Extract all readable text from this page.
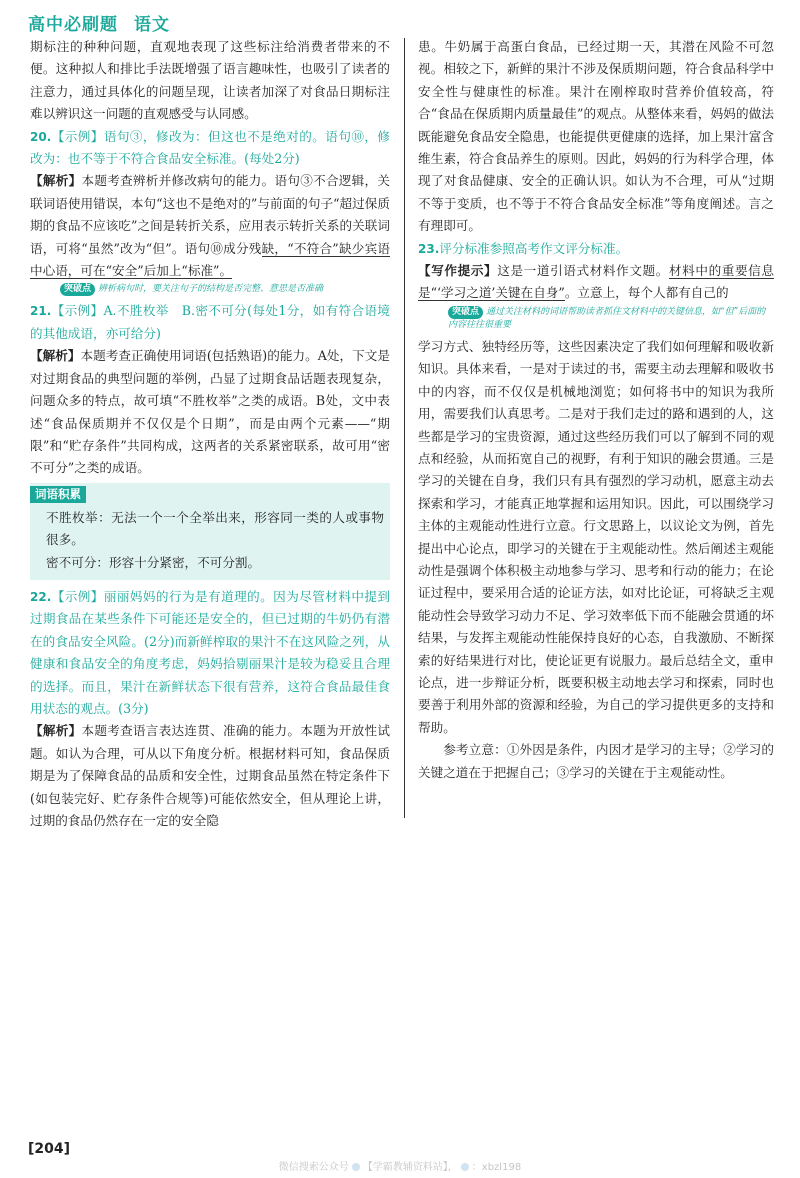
高中必刷题 语文

期标注的种种问题，直观地表现了这些标注给消费者带来的不便。这种拟人和排比手法既增强了语言趣味性，也吸引了读者的注意力，通过具体化的问题呈现，让读者加深了对食品日期标注难以辨识这一问题的直观感受与认同感。

20.【示例】语句③，修改为：但这也不是绝对的。语句⑩，修改为：也不等于不符合食品安全标准。(每处2分)

【解析】本题考查辨析并修改病句的能力。语句③不合逻辑，关联词语使用错误，本句“这也不是绝对的”与前面的句子“超过保质期的食品不应该吃”之间是转折关系，应用表示转折关系的关联词语，可将“虽然”改为“但”。语句⑩成分残缺，“不符合”缺少宾语中心语，可在“安全”后加上“标准”。

突破点 辨析病句时，要关注句子的结构是否完整、意思是否准确

21.【示例】A.不胜枚举　B.密不可分(每处1分，如有符合语境的其他成语，亦可给分)

【解析】本题考查正确使用词语(包括熟语)的能力。A处，下文是对过期食品的典型问题的举例，凸显了过期食品话题表现复杂，问题众多的特点，故可填“不胜枚举”之类的成语。B处，文中表述“食品保质期并不仅仅是个日期”，而是由两个元素——“期限”和“贮存条件”共同构成，这两者的关系紧密联系，故可用“密不可分”之类的成语。

词语积累

不胜枚举：无法一个一个全举出来，形容同一类的人或事物很多。

密不可分：形容十分紧密，不可分割。

22.【示例】丽丽妈妈的行为是有道理的。因为尽管材料中提到过期食品在某些条件下可能还是安全的，但已过期的牛奶仍有潜在的食品安全风险。(2分)而新鲜榨取的果汁不在这风险之列，从健康和食品安全的角度考虑，妈妈拾剔丽果汁是较为稳妥且合理的选择。而且，果汁在新鲜状态下很有营养，这符合食品最佳食用状态的观点。(3分)

【解析】本题考查语言表达连贯、准确的能力。本题为开放性试题。如认为合理，可从以下角度分析。根据材料可知，食品保质期是为了保障食品的品质和安全性，过期食品虽然在特定条件下(如包装完好、贮存条件合规等)可能依然安全，但从理论上讲，过期的食品仍然存在一定的安全隐

患。牛奶属于高蛋白食品，已经过期一天，其潜在风险不可忽视。相较之下，新鲜的果汁不涉及保质期问题，符合食品科学中安全性与健康性的标准。果汁在刚榨取时营养价值较高，符合“食品在保质期内质量最佳”的观点。从整体来看，妈妈的做法既能避免食品安全隐患，也能提供更健康的选择，加上果汁富含维生素，符合食品养生的原则。因此，妈妈的行为科学合理，体现了对食品健康、安全的正确认识。如认为不合理，可从“过期不等于变质，也不等于不符合食品安全标准”等角度阐述。言之有理即可。

23.评分标准参照高考作文评分标准。

【写作提示】这是一道引语式材料作文题。材料中的重要信息是“‘学习之道’关键在自身”。立意上，每个人都有自己的

突破点 通过关注材料的词语帮助读者抓住文材料中的关键信息，如“但”后面的内容往往很重要

学习方式、独特经历等，这些因素决定了我们如何理解和吸收新知识。具体来看，一是对于读过的书，需要主动去理解和吸收书中的内容，而不仅仅是机械地浏览；如何将书中的知识为我所用，需要我们认真思考。二是对于我们走过的路和遇到的人，这些都是学习的宝贵资源，通过这些经历我们可以了解到不同的观点和经验，从而拓宽自己的视野，有利于知识的融会贯通。三是学习的关键在自身，我们只有具有强烈的学习动机，愿意主动去探索和学习，才能真正地掌握和运用知识。因此，可以围绕学习主体的主观能动性进行立意。行文思路上，以议论文为例，首先提出中心论点，即学习的关键在于主观能动性。然后阐述主观能动性是强调个体积极主动地参与学习、思考和行动的能力；在论证过程中，要采用合适的论证方法，如对比论证，可将缺乏主观能动性会导致学习动力不足、学习效率低下而不能融会贯通的坏结果，与发挥主观能动性能保持良好的心态，自我激励、不断探索的好结果进行对比，使论证更有说服力。最后总结全文，重申论点，进一步辩证分析，既要积极主动地去学习和探索，同时也要善于利用外部的资源和经验，为自己的学习提供更多的支持和帮助。

参考立意：①外因是条件，内因才是学习的主导；②学习的关键之道在于把握自己；③学习的关键在于主观能动性。

[204]
微信搜索公众号 【学霸教辅资料站】， ：xbzl198
